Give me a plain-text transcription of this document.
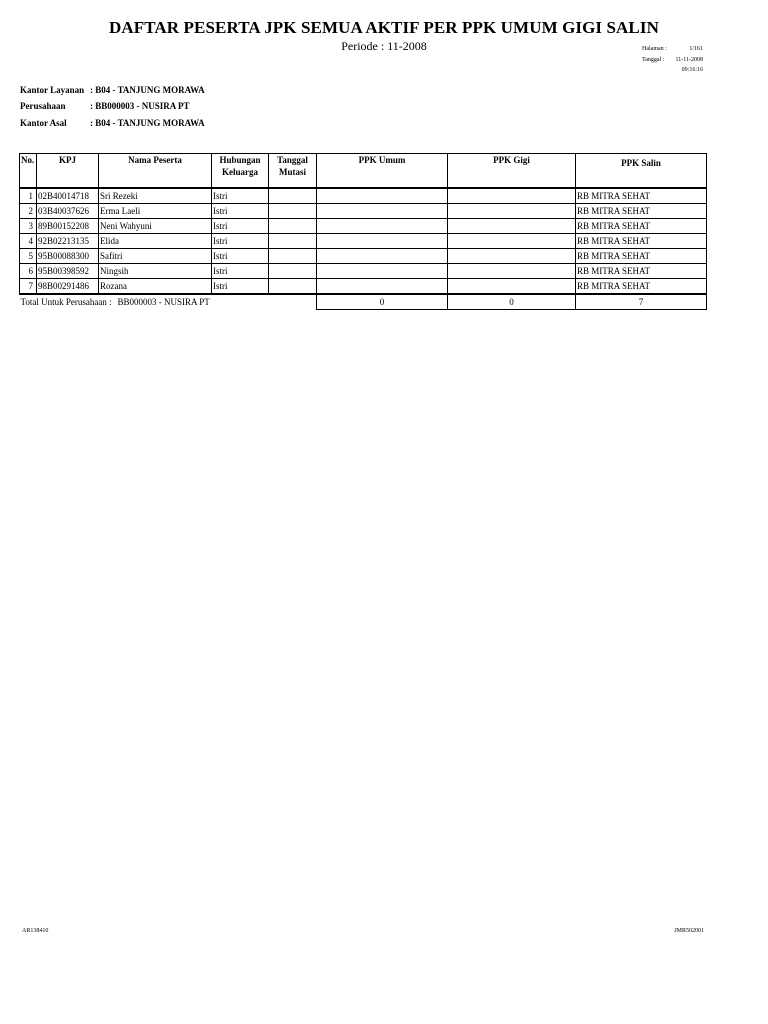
DAFTAR PESERTA JPK SEMUA AKTIF PER PPK UMUM GIGI SALIN
Periode : 11-2008	Halaman :	1/161
Tanggal :	11-11-2008
09:16:16
Kantor Layanan : B04 - TANJUNG MORAWA
Perusahaan	: BB000003 - NUSIRA PT
Kantor Asal	: B04 - TANJUNG MORAWA
No.	KPJ	Nama Peserta	Hubungan Keluarga	Tanggal Mutasi	PPK Umum	PPK Gigi	PPK Salin
1	02B40014718	Sri Rezeki	Istri				RB MITRA SEHAT
2	03B40037626	Erma Laeli	Istri				RB MITRA SEHAT
3	89B00152208	Neni Wahyuni	Istri				RB MITRA SEHAT
4	92B02213135	Elida	Istri				RB MITRA SEHAT
5	95B00088300	Safitri	Istri				RB MITRA SEHAT
6	95B00398592	Ningsih	Istri				RB MITRA SEHAT
7	98B00291486	Rozana	Istri				RB MITRA SEHAT
Total Untuk Perusahaan : BB000003 - NUSIRA PT					0	0	7
AR138410	JMR502001
